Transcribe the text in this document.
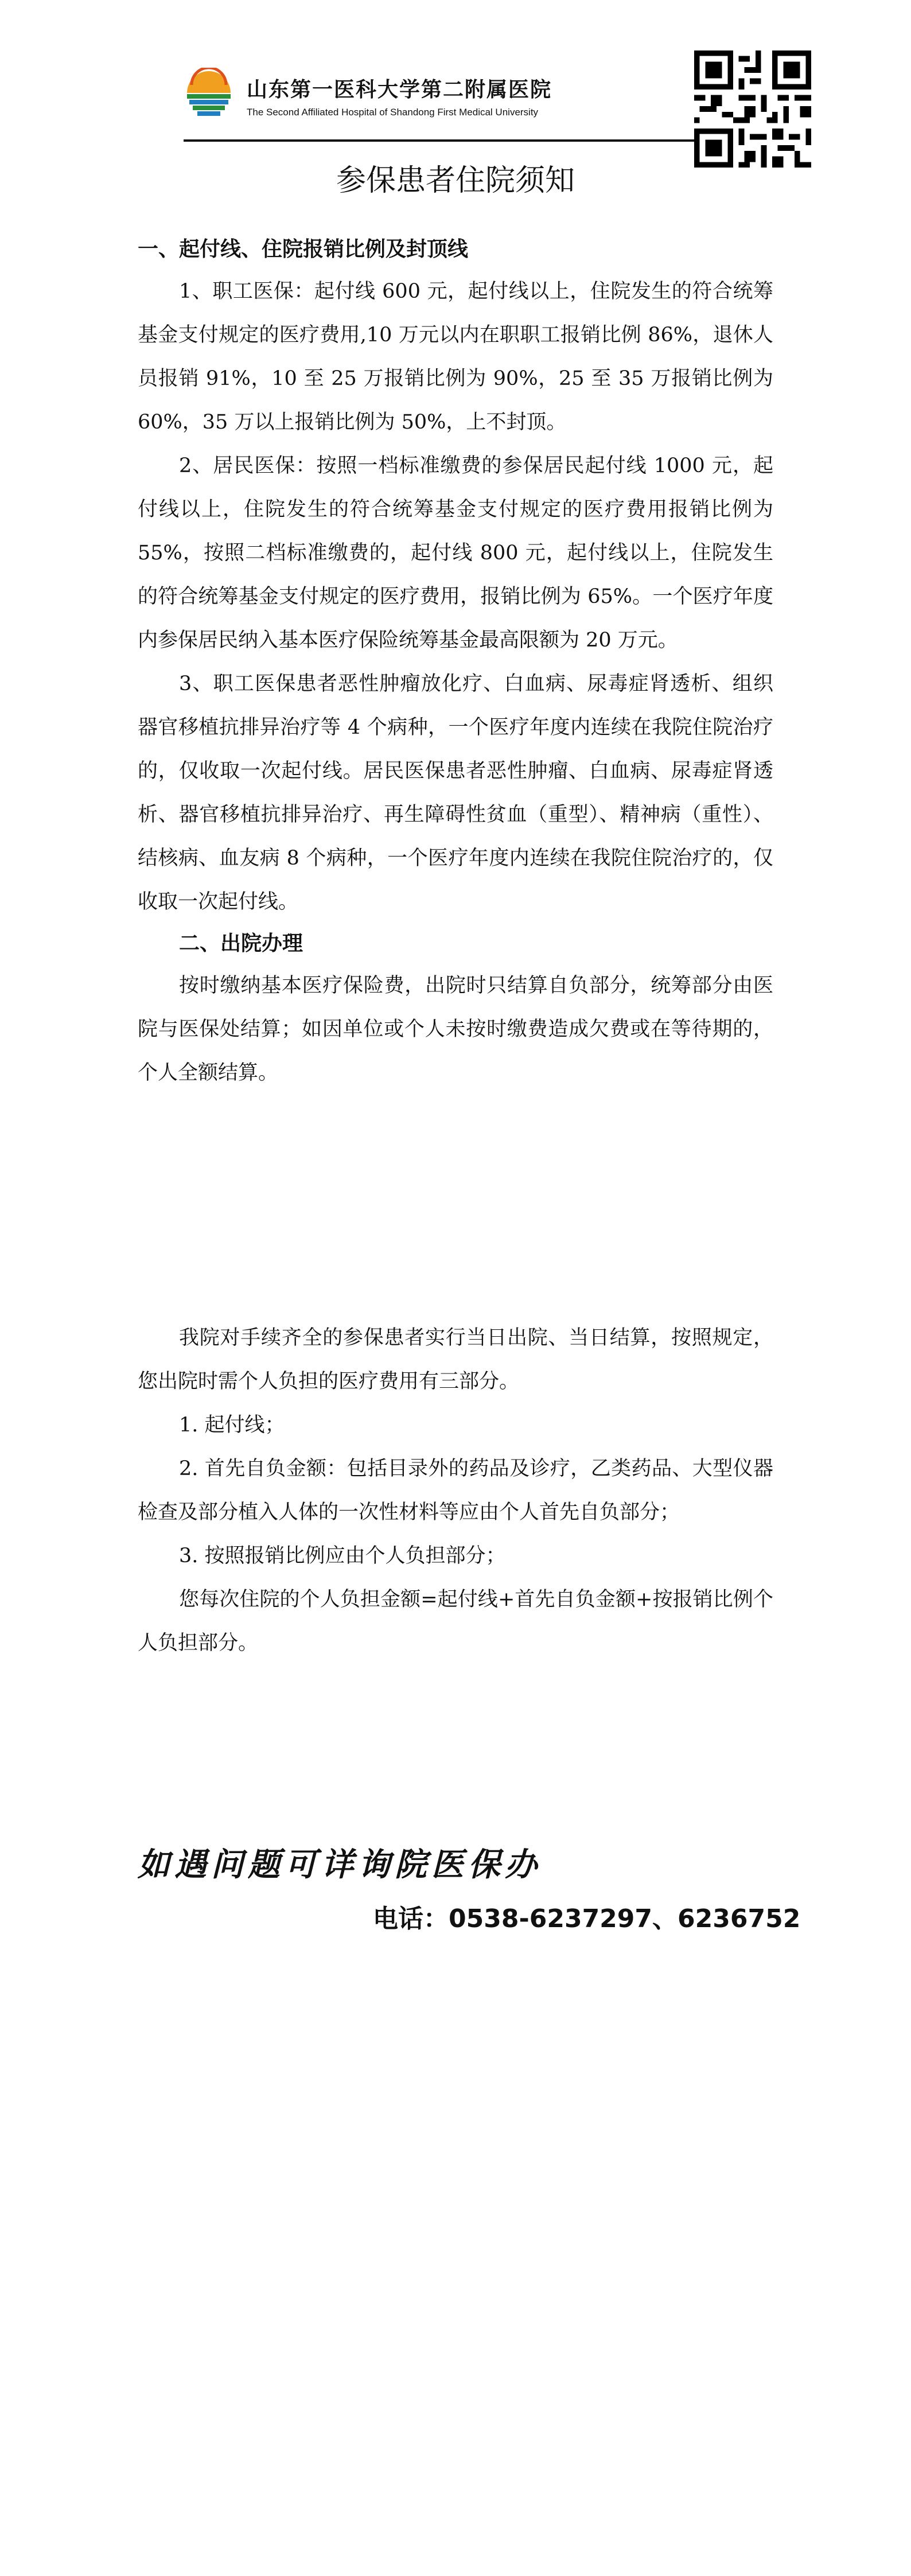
山东第一医科大学第二附属医院
The Second Affiliated Hospital of Shandong First Medical University
参保患者住院须知
一、起付线、住院报销比例及封顶线
1、职工医保：起付线 600 元，起付线以上，住院发生的符合统筹基金支付规定的医疗费用,10 万元以内在职职工报销比例 86%，退休人员报销 91%，10 至 25 万报销比例为 90%，25 至 35 万报销比例为 60%，35 万以上报销比例为 50%，上不封顶。
2、居民医保：按照一档标准缴费的参保居民起付线 1000 元，起付线以上，住院发生的符合统筹基金支付规定的医疗费用报销比例为 55%，按照二档标准缴费的，起付线 800 元，起付线以上，住院发生的符合统筹基金支付规定的医疗费用，报销比例为 65%。一个医疗年度内参保居民纳入基本医疗保险统筹基金最高限额为 20 万元。
3、职工医保患者恶性肿瘤放化疗、白血病、尿毒症肾透析、组织器官移植抗排异治疗等 4 个病种，一个医疗年度内连续在我院住院治疗的，仅收取一次起付线。居民医保患者恶性肿瘤、白血病、尿毒症肾透析、器官移植抗排异治疗、再生障碍性贫血（重型）、精神病（重性）、结核病、血友病 8 个病种，一个医疗年度内连续在我院住院治疗的，仅收取一次起付线。
二、出院办理
按时缴纳基本医疗保险费，出院时只结算自负部分，统筹部分由医院与医保处结算；如因单位或个人未按时缴费造成欠费或在等待期的，个人全额结算。
我院对手续齐全的参保患者实行当日出院、当日结算，按照规定，您出院时需个人负担的医疗费用有三部分。
1. 起付线；
2. 首先自负金额：包括目录外的药品及诊疗，乙类药品、大型仪器检查及部分植入人体的一次性材料等应由个人首先自负部分；
3. 按照报销比例应由个人负担部分；
您每次住院的个人负担金额=起付线+首先自负金额+按报销比例个人负担部分。
如遇问题可详询院医保办
电话：0538-6237297、6236752
